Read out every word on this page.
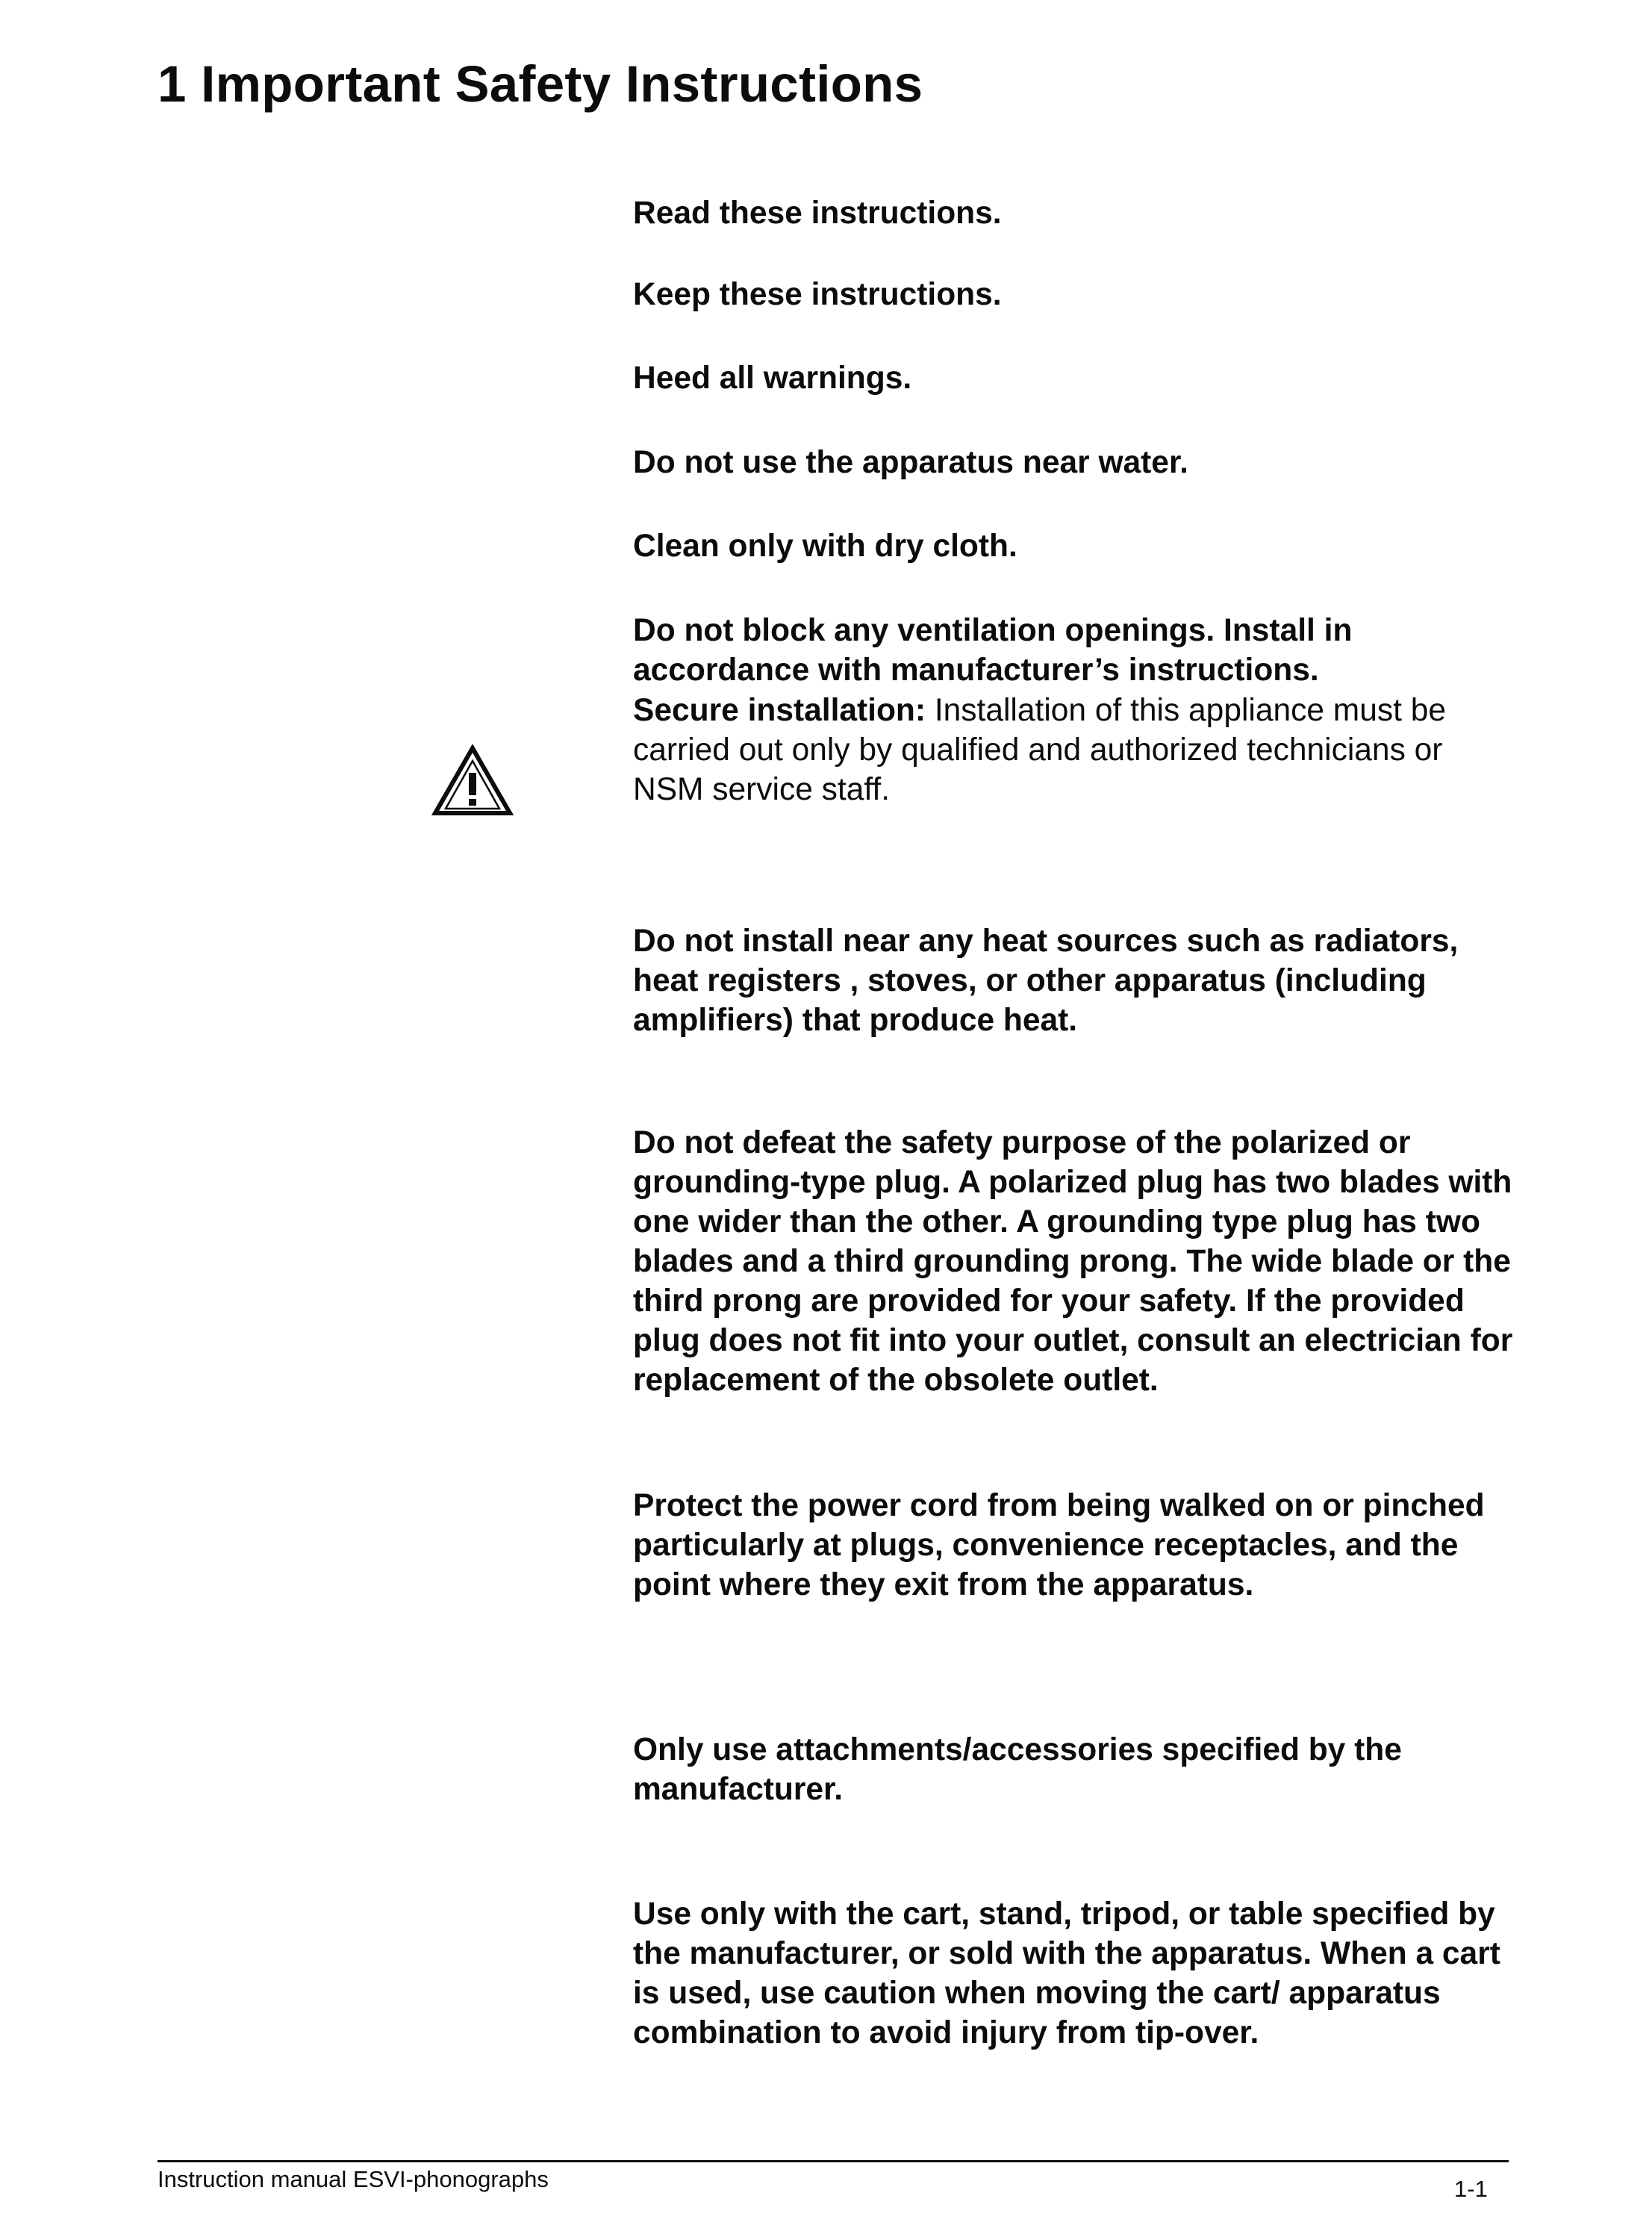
1 Important Safety Instructions

Read these instructions.

Keep these instructions.

Heed all warnings.

Do not use the apparatus near water.

Clean only with dry cloth.

Do not block any ventilation openings. Install in accordance with manufacturer’s instructions.

Secure installation: Installation of this appliance must be carried out only by qualified and authorized technicians or NSM service staff.

Do not install near any heat sources such as radiators, heat registers , stoves, or other apparatus (including amplifiers) that produce heat.

Do not defeat the safety purpose of the polarized or grounding-type plug. A polarized plug has two blades with one wider than the other. A grounding type plug has two blades and a third grounding prong. The wide blade or the third prong are provided for your safety. If the provided plug does not fit into your outlet, consult an electrician for replacement of the obsolete outlet.

Protect the power cord from being walked on or pinched particularly at plugs, convenience receptacles, and the point where they exit from the apparatus.

Only use attachments/accessories specified by the manufacturer.

Use only with the cart, stand, tripod, or table specified by the manufacturer, or sold with the apparatus. When a cart is used, use caution when moving the cart/ apparatus combination to avoid injury from tip-over.

Instruction manual ESVI-phonographs	1-1
